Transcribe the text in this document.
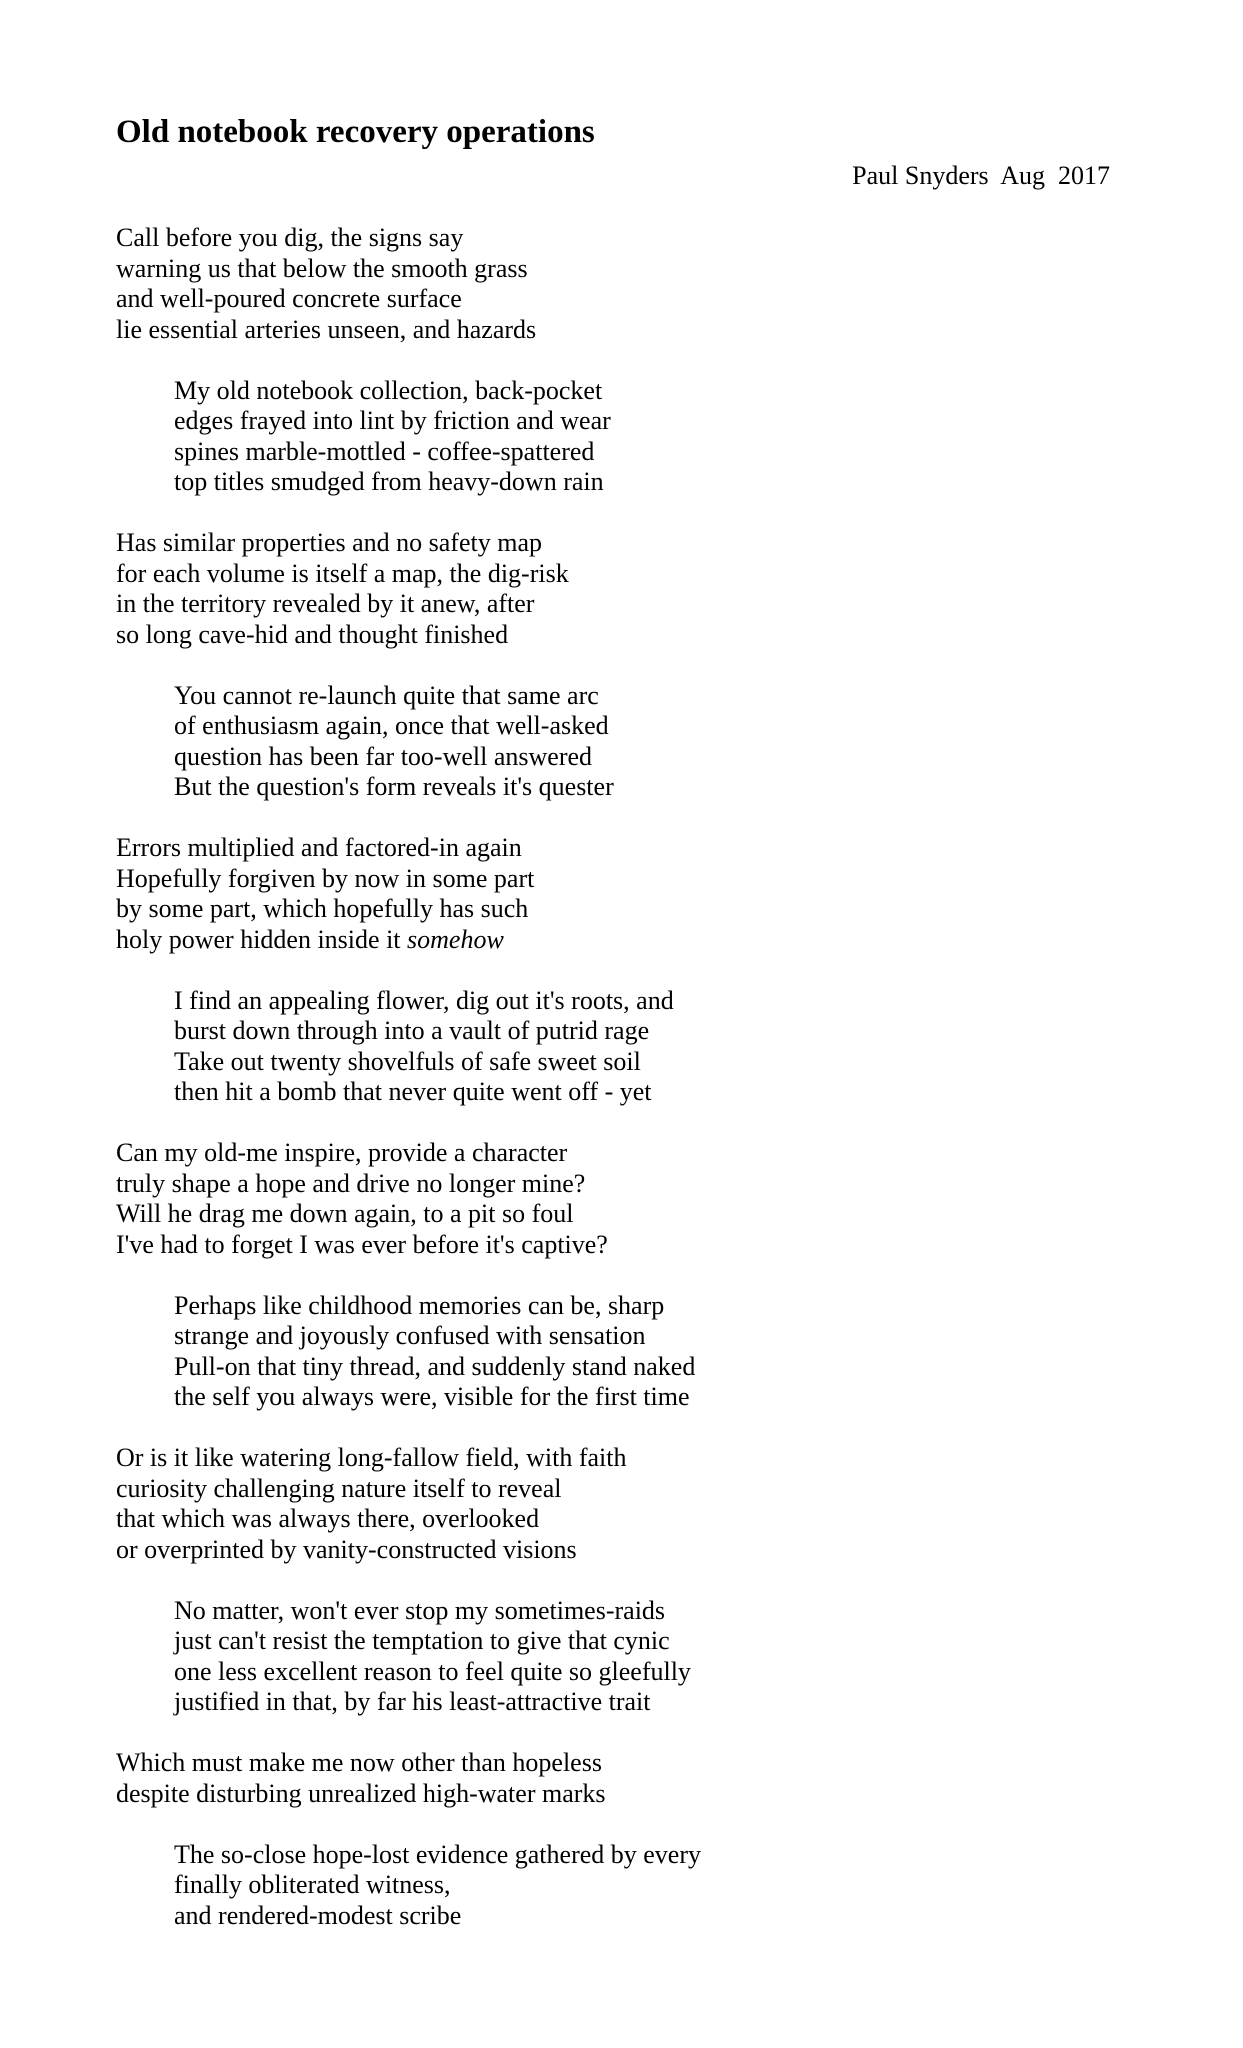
Old notebook recovery operations
Paul Snyders  Aug  2017
Call before you dig, the signs say
warning us that below the smooth grass
and well-poured concrete surface
lie essential arteries unseen, and hazards
My old notebook collection, back-pocket
edges frayed into lint by friction and wear
spines marble-mottled - coffee-spattered
top titles smudged from heavy-down rain
Has similar properties and no safety map
for each volume is itself a map, the dig-risk
in the territory revealed by it anew, after
so long cave-hid and thought finished
You cannot re-launch quite that same arc
of enthusiasm again, once that well-asked
question has been far too-well answered
But the question's form reveals it's quester
Errors multiplied and factored-in again
Hopefully forgiven by now in some part
by some part, which hopefully has such
holy power hidden inside it somehow
I find an appealing flower, dig out it's roots, and
burst down through into a vault of putrid rage
Take out twenty shovelfuls of safe sweet soil
then hit a bomb that never quite went off - yet
Can my old-me inspire, provide a character
truly shape a hope and drive no longer mine?
Will he drag me down again, to a pit so foul
I've had to forget I was ever before it's captive?
Perhaps like childhood memories can be, sharp
strange and joyously confused with sensation
Pull-on that tiny thread, and suddenly stand naked
the self you always were, visible for the first time
Or is it like watering long-fallow field, with faith
curiosity challenging nature itself to reveal
that which was always there, overlooked
or overprinted by vanity-constructed visions
No matter, won't ever stop my sometimes-raids
just can't resist the temptation to give that cynic
one less excellent reason to feel quite so gleefully
justified in that, by far his least-attractive trait
Which must make me now other than hopeless
despite disturbing unrealized high-water marks
The so-close hope-lost evidence gathered by every
finally obliterated witness,
and rendered-modest scribe
